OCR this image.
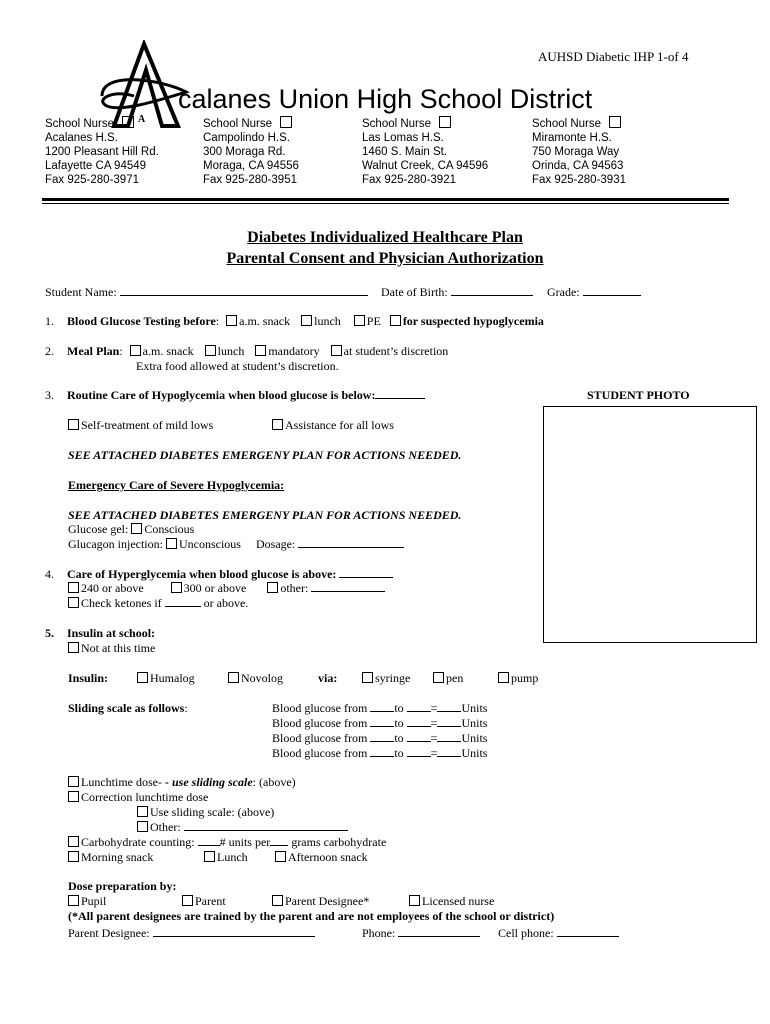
AUHSD Diabetic IHP 1-of 4
A
calanes Union High School District
School Nurse
Acalanes H.S.
1200 Pleasant Hill Rd.
Lafayette CA 94549
Fax 925-280-3971
School Nurse
Campolindo H.S.
300 Moraga Rd.
Moraga, CA 94556
Fax 925-280-3951
School Nurse
Las Lomas H.S.
1460 S. Main St.
Walnut Creek, CA 94596
Fax 925-280-3921
School Nurse
Miramonte H.S.
750 Moraga Way
Orinda, CA 94563
Fax 925-280-3931
Diabetes Individualized Healthcare Plan
Parental Consent and Physician Authorization
Student Name:	Date of Birth:	Grade:
1. Blood Glucose Testing before: a.m. snack lunch PE for suspected hypoglycemia
2. Meal Plan: a.m. snack lunch mandatory at student’s discretion
Extra food allowed at student’s discretion.
3. Routine Care of Hypoglycemia when blood glucose is below:	STUDENT PHOTO
Self-treatment of mild lows	Assistance for all lows
SEE ATTACHED DIABETES EMERGENY PLAN FOR ACTIONS NEEDED.
Emergency Care of Severe Hypoglycemia:
SEE ATTACHED DIABETES EMERGENY PLAN FOR ACTIONS NEEDED.
Glucose gel: Conscious
Glucagon injection: Unconscious Dosage:
4. Care of Hyperglycemia when blood glucose is above:
240 or above	300 or above	other:
Check ketones if	or above.
5. Insulin at school:
Not at this time
Insulin:	Humalog	Novolog	via:	syringe	pen	pump
Sliding scale as follows:	Blood glucose from to = Units
Blood glucose from to = Units
Blood glucose from to = Units
Blood glucose from to = Units
Lunchtime dose- - use sliding scale: (above)
Correction lunchtime dose
Use sliding scale: (above)
Other:
Carbohydrate counting: # units per grams carbohydrate
Morning snack	Lunch	Afternoon snack
Dose preparation by:
Pupil	Parent	Parent Designee*	Licensed nurse
(*All parent designees are trained by the parent and are not employees of the school or district)
Parent Designee:	Phone:	Cell phone:
